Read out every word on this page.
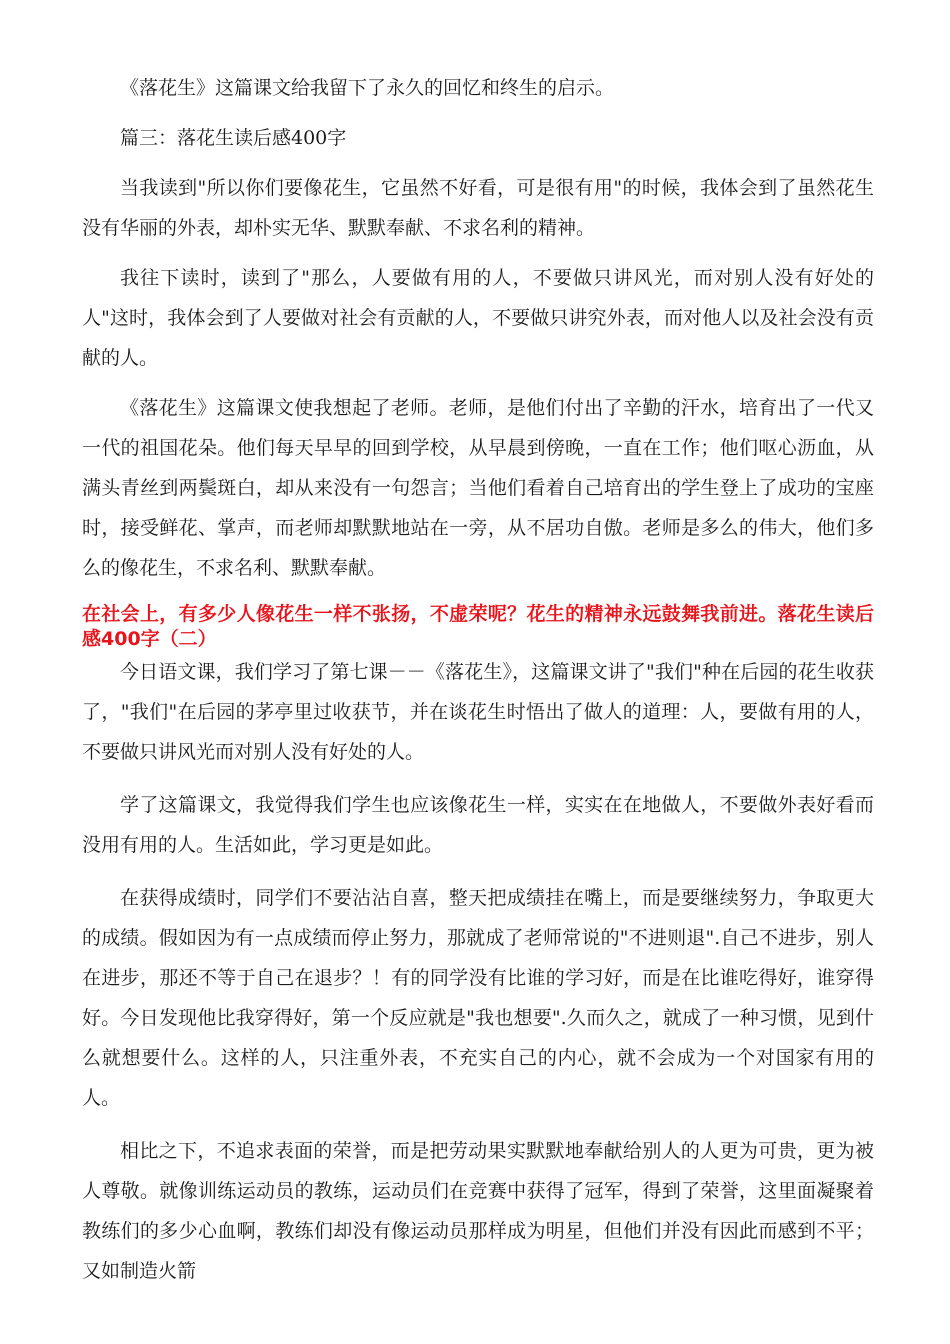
《落花生》这篇课文给我留下了永久的回忆和终生的启示。

篇三：落花生读后感400字

当我读到"所以你们要像花生，它虽然不好看，可是很有用"的时候，我体会到了虽然花生没有华丽的外表，却朴实无华、默默奉献、不求名利的精神。

我往下读时，读到了"那么，人要做有用的人，不要做只讲风光，而对别人没有好处的人"这时，我体会到了人要做对社会有贡献的人，不要做只讲究外表，而对他人以及社会没有贡献的人。

《落花生》这篇课文使我想起了老师。老师，是他们付出了辛勤的汗水，培育出了一代又一代的祖国花朵。他们每天早早的回到学校，从早晨到傍晚，一直在工作；他们呕心沥血，从满头青丝到两鬓斑白，却从来没有一句怨言；当他们看着自己培育出的学生登上了成功的宝座时，接受鲜花、掌声，而老师却默默地站在一旁，从不居功自傲。老师是多么的伟大，他们多么的像花生，不求名利、默默奉献。

在社会上，有多少人像花生一样不张扬，不虚荣呢？花生的精神永远鼓舞我前进。落花生读后感400字（二）

今日语文课，我们学习了第七课－－《落花生》，这篇课文讲了"我们"种在后园的花生收获了，"我们"在后园的茅亭里过收获节，并在谈花生时悟出了做人的道理：人，要做有用的人，不要做只讲风光而对别人没有好处的人。

学了这篇课文，我觉得我们学生也应该像花生一样，实实在在地做人，不要做外表好看而没用有用的人。生活如此，学习更是如此。

在获得成绩时，同学们不要沾沾自喜，整天把成绩挂在嘴上，而是要继续努力，争取更大的成绩。假如因为有一点成绩而停止努力，那就成了老师常说的"不进则退".自己不进步，别人在进步，那还不等于自己在退步？！有的同学没有比谁的学习好，而是在比谁吃得好，谁穿得好。今日发现他比我穿得好，第一个反应就是"我也想要".久而久之，就成了一种习惯，见到什么就想要什么。这样的人，只注重外表，不充实自己的内心，就不会成为一个对国家有用的人。

相比之下，不追求表面的荣誉，而是把劳动果实默默地奉献给别人的人更为可贵，更为被人尊敬。就像训练运动员的教练，运动员们在竞赛中获得了冠军，得到了荣誉，这里面凝聚着教练们的多少心血啊，教练们却没有像运动员那样成为明星，但他们并没有因此而感到不平；又如制造火箭
